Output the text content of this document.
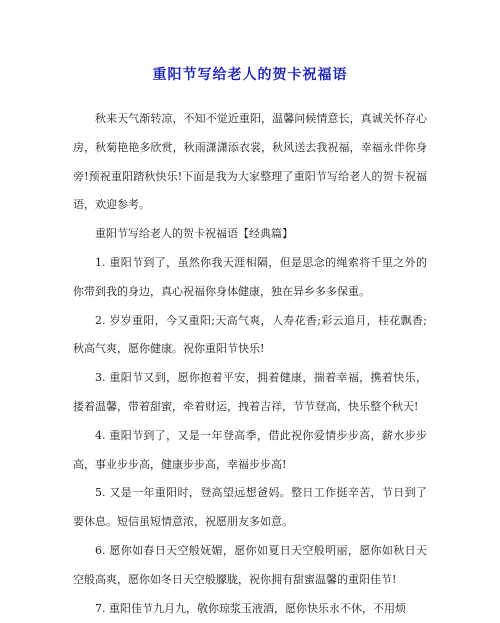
重阳节写给老人的贺卡祝福语

秋来天气渐转凉，不知不觉近重阳，温馨问候情意长，真诚关怀存心房，秋菊艳艳多欣赏，秋雨潇潇添衣裳，秋风送去我祝福，幸福永伴你身旁!预祝重阳踏秋快乐!下面是我为大家整理了重阳节写给老人的贺卡祝福语，欢迎参考。

重阳节写给老人的贺卡祝福语【经典篇】

1. 重阳节到了，虽然你我天涯相隔，但是思念的绳索将千里之外的你带到我的身边，真心祝福你身体健康，独在异乡多多保重。

2. 岁岁重阳，今又重阳;天高气爽，人寿花香;彩云追月，桂花飘香;秋高气爽，愿你健康。祝你重阳节快乐!

3. 重阳节又到，愿你抱着平安，拥着健康，揣着幸福，携着快乐，搂着温馨，带着甜蜜，牵着财运，拽着吉祥，节节登高，快乐整个秋天!

4. 重阳节到了，又是一年登高季，借此祝你爱情步步高，薪水步步高，事业步步高，健康步步高，幸福步步高!

5. 又是一年重阳时，登高望远想爸妈。整日工作挺辛苦，节日到了要休息。短信虽短情意浓，祝愿朋友多如意。

6. 愿你如春日天空般妩媚，愿你如夏日天空般明丽，愿你如秋日天空般高爽，愿你如冬日天空般朦胧，祝你拥有甜蜜温馨的重阳佳节!

7. 重阳佳节九月九，敬你琼浆玉液酒，愿你快乐永不休，不用烦
